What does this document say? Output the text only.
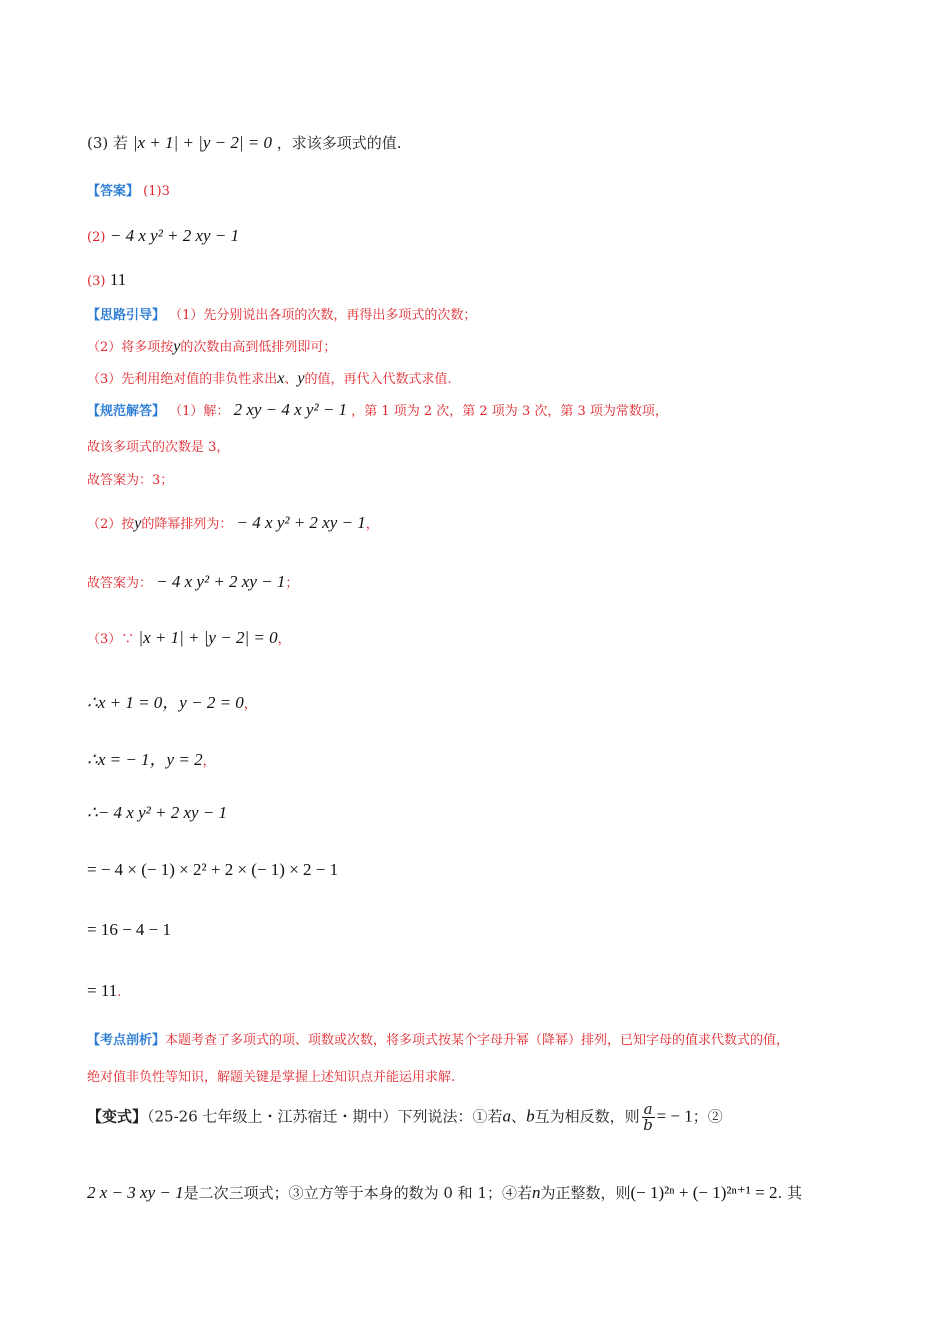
(3) 若 |x + 1| + |y − 2| = 0 ，求该多项式的值.
【答案】 (1)3
(2) − 4 x y² + 2 xy − 1
(3) 11
【思路引导】 （1）先分别说出各项的次数，再得出多项式的次数；
（2）将多项按y的次数由高到低排列即可；
（3）先利用绝对值的非负性求出x、y的值，再代入代数式求值.
【规范解答】 （1）解： 2 xy − 4 x y² − 1 ，第 1 项为 2 次，第 2 项为 3 次，第 3 项为常数项，
故该多项式的次数是 3，
故答案为：3；
（2）按y的降幂排列为： − 4 x y² + 2 xy − 1，
故答案为： − 4 x y² + 2 xy − 1；
（3）∵ |x + 1| + |y − 2| = 0，
∴x + 1 = 0，y − 2 = 0，
∴x = − 1，y = 2，
∴− 4 x y² + 2 xy − 1
= − 4 × (− 1) × 2² + 2 × (− 1) × 2 − 1
= 16 − 4 − 1
= 11.
【考点剖析】本题考查了多项式的项、项数或次数，将多项式按某个字母升幂（降幂）排列，已知字母的值求代数式的值，
绝对值非负性等知识，解题关键是掌握上述知识点并能运用求解.
【变式】（25-26 七年级上・江苏宿迁・期中）下列说法：①若a、b互为相反数，则 $\frac{a}{b}$ = − 1；②
2 x − 3 xy − 1是二次三项式；③立方等于本身的数为 0 和 1；④若n为正整数，则(− 1)²ⁿ + (− 1)²ⁿ⁺¹ = 2. 其
